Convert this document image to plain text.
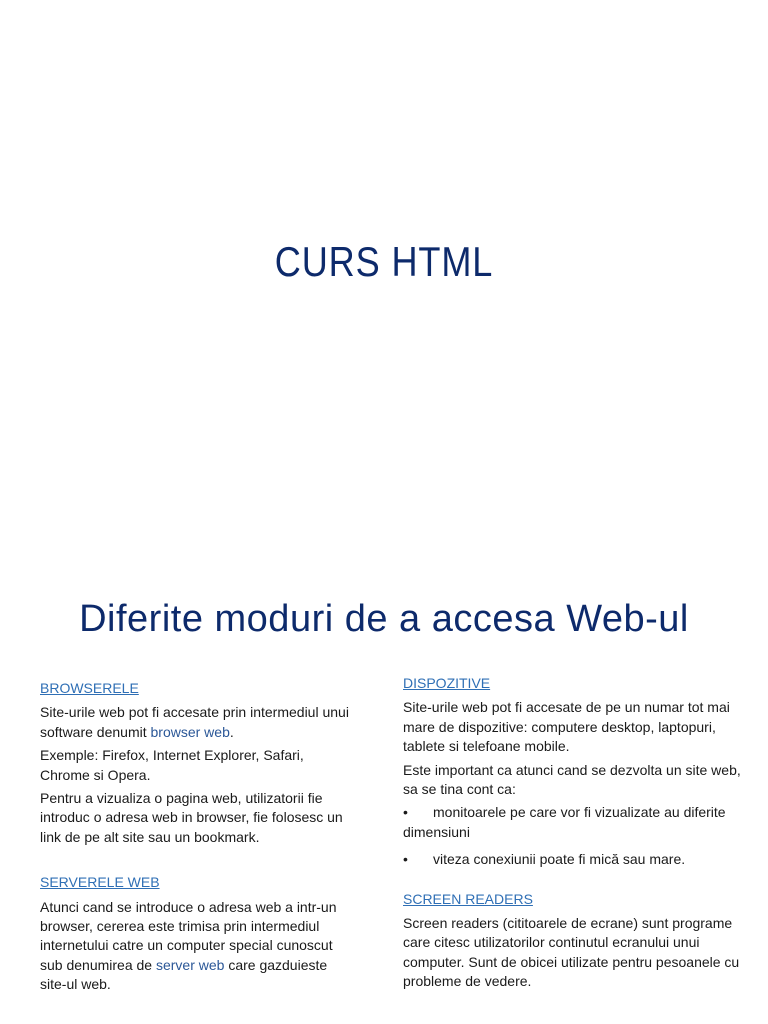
CURS HTML
Diferite moduri de a accesa Web-ul
BROWSERELE

Site-urile web pot fi accesate prin intermediul unui software denumit browser web.

Exemple: Firefox, Internet Explorer, Safari, Chrome si Opera.

Pentru a vizualiza o pagina web, utilizatorii fie introduc o adresa web in browser, fie folosesc un link de pe alt site sau un bookmark.

SERVERELE WEB

Atunci cand se introduce o adresa web a intr-un browser, cererea este trimisa prin intermediul internetului catre un computer special cunoscut sub denumirea de server web care gazduieste site-ul web.

DISPOZITIVE

Site-urile web pot fi accesate de pe un numar tot mai mare de dispozitive: computere desktop, laptopuri, tablete si telefoane mobile.

Este important ca atunci cand se dezvolta un site web, sa se tina cont ca:

• monitoarele pe care vor fi vizualizate au diferite dimensiuni
• viteza conexiunii poate fi mică sau mare.
SCREEN READERS

Screen readers (cititoarele de ecrane) sunt programe care citesc utilizatorilor continutul ecranului unui computer. Sunt de obicei utilizate pentru pesoanele cu probleme de vedere.
